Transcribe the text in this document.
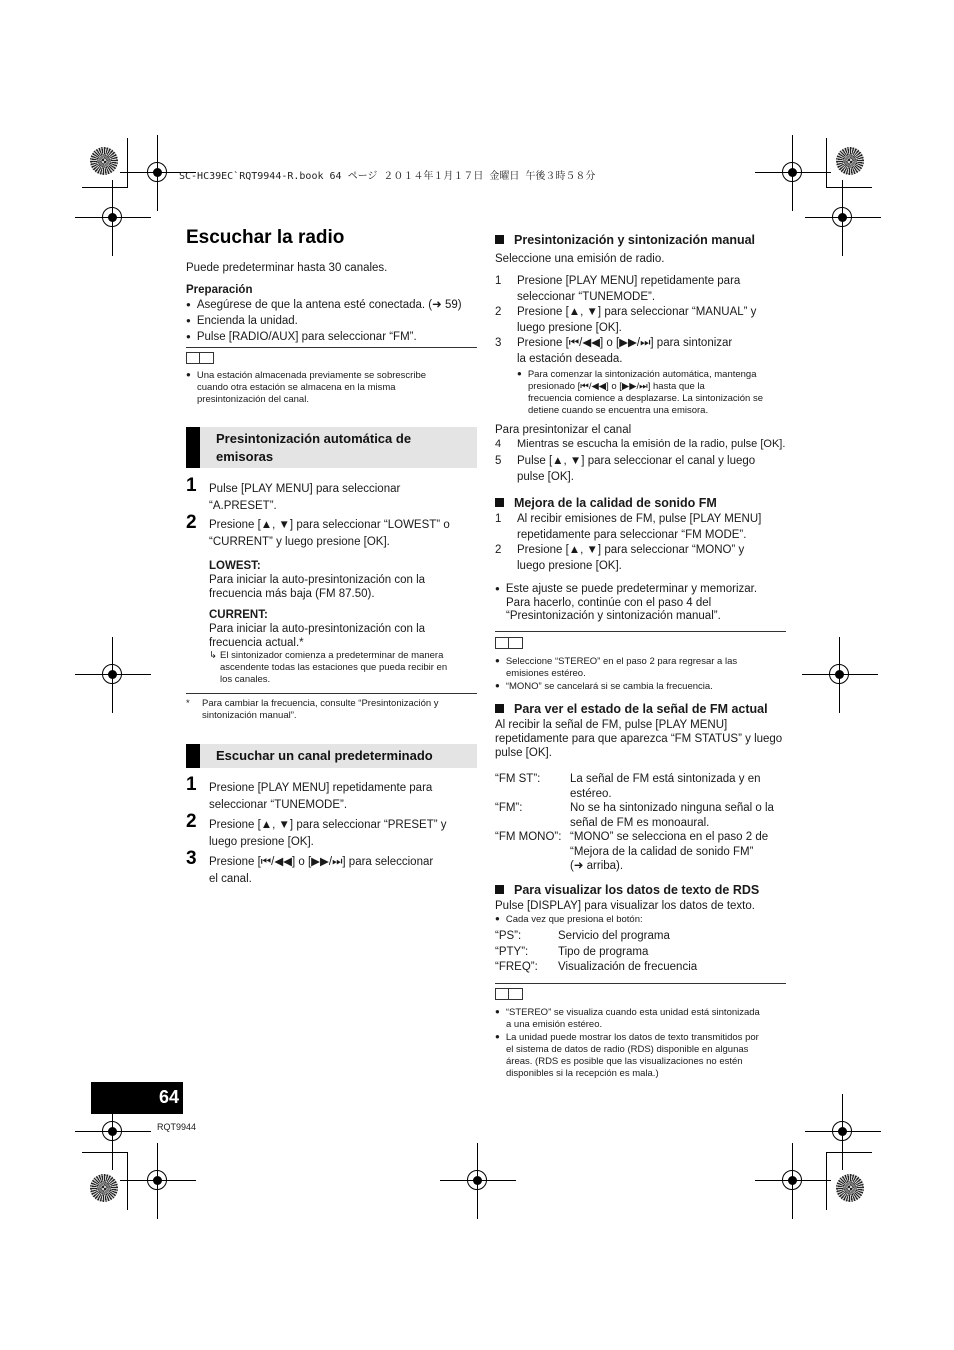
SC-HC39EC`RQT9944-R.book 64 ページ ２０１４年１月１７日 金曜日 午後３時５８分
Escuchar la radio
Puede predeterminar hasta 30 canales.
Preparación
● Asegúrese de que la antena esté conectada. (➜ 59)
● Encienda la unidad.
● Pulse [RADIO/AUX] para seleccionar “FM”.
● Una estación almacenada previamente se sobrescribe
cuando otra estación se almacena en la misma
presintonización del canal.
Presintonización automática de
emisoras
1 Pulse [PLAY MENU] para seleccionar
“A.PRESET”.
2 Presione [▲, ▼] para seleccionar “LOWEST” o
“CURRENT” y luego presione [OK].
LOWEST:
Para iniciar la auto-presintonización con la
frecuencia más baja (FM 87.50).
CURRENT:
Para iniciar la auto-presintonización con la
frecuencia actual.*
↳ El sintonizador comienza a predeterminar de manera
ascendente todas las estaciones que pueda recibir en
los canales.
* Para cambiar la frecuencia, consulte “Presintonización y
sintonización manual”.
Escuchar un canal predeterminado
1 Presione [PLAY MENU] repetidamente para
seleccionar “TUNEMODE”.
2 Presione [▲, ▼] para seleccionar “PRESET” y
luego presione [OK].
3 Presione [⏮/◀◀] o [▶▶/⏭] para seleccionar
el canal.
Presintonización y sintonización manual
Seleccione una emisión de radio.
1 Presione [PLAY MENU] repetidamente para
seleccionar “TUNEMODE”.
2 Presione [▲, ▼] para seleccionar “MANUAL” y
luego presione [OK].
3 Presione [⏮/◀◀] o [▶▶/⏭] para sintonizar
la estación deseada.
● Para comenzar la sintonización automática, mantenga
presionado [⏮/◀◀] o [▶▶/⏭] hasta que la
frecuencia comience a desplazarse. La sintonización se
detiene cuando se encuentra una emisora.
Para presintonizar el canal
4	Mientras se escucha la emisión de la radio, pulse [OK].
5	Pulse [▲, ▼] para seleccionar el canal y luego
pulse [OK].
Mejora de la calidad de sonido FM
1 Al recibir emisiones de FM, pulse [PLAY MENU]
repetidamente para seleccionar “FM MODE”.
2 Presione [▲, ▼] para seleccionar “MONO” y
luego presione [OK].
● Este ajuste se puede predeterminar y memorizar.
Para hacerlo, continúe con el paso 4 del
“Presintonización y sintonización manual”.
● Seleccione “STEREO” en el paso 2 para regresar a las
emisiones estéreo.
● “MONO” se cancelará si se cambia la frecuencia.
Para ver el estado de la señal de FM actual
Al recibir la señal de FM, pulse [PLAY MENU]
repetidamente para que aparezca “FM STATUS” y luego
pulse [OK].
“FM ST”:	La señal de FM está sintonizada y en
estéreo.
“FM”:	No se ha sintonizado ninguna señal o la
señal de FM es monoaural.
“FM MONO”: “MONO” se selecciona en el paso 2 de
“Mejora de la calidad de sonido FM”
(➜ arriba).
Para visualizar los datos de texto de RDS
Pulse [DISPLAY] para visualizar los datos de texto.
● Cada vez que presiona el botón:
“PS”:	Servicio del programa
“PTY”:	Tipo de programa
“FREQ”: Visualización de frecuencia
● “STEREO” se visualiza cuando esta unidad está sintonizada
a una emisión estéreo.
● La unidad puede mostrar los datos de texto transmitidos por
el sistema de datos de radio (RDS) disponible en algunas
áreas. (RDS es posible que las visualizaciones no estén
disponibles si la recepción es mala.)
64
RQT9944
